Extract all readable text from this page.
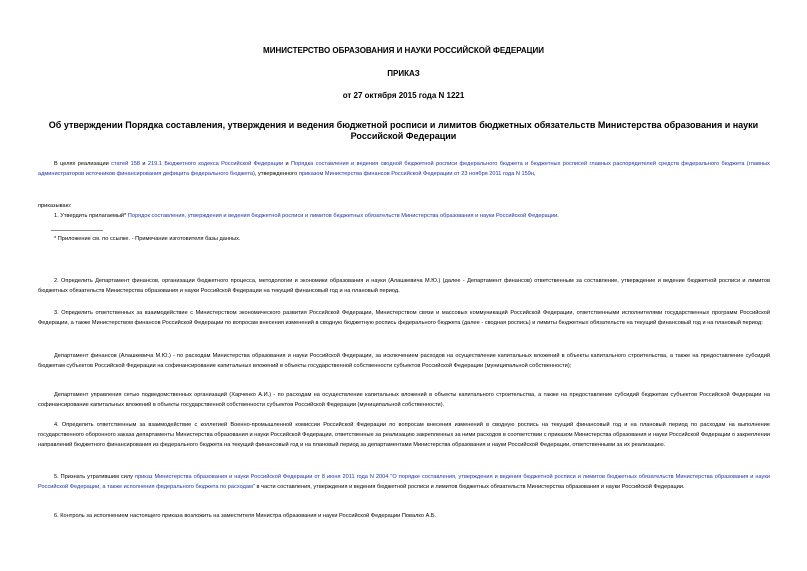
МИНИСТЕРСТВО ОБРАЗОВАНИЯ И НАУКИ РОССИЙСКОЙ ФЕДЕРАЦИИ
ПРИКАЗ
от 27 октября 2015 года N 1221
Об утверждении Порядка составления, утверждения и ведения бюджетной росписи и лимитов бюджетных обязательств Министерства образования и науки Российской Федерации
В целях реализации статей 158 и 219.1 Бюджетного кодекса Российской Федерации и Порядка составления и ведения сводной бюджетной росписи федерального бюджета и бюджетных росписей главных распорядителей средств федерального бюджета (главных администраторов источников финансирования дефицита федерального бюджета), утвержденного приказом Министерства финансов Российской Федерации от 23 ноября 2011 года N 159н,
приказываю:
1. Утвердить прилагаемый* Порядок составления, утверждения и ведения бюджетной росписи и лимитов бюджетных обязательств Министерства образования и науки Российской Федерации.
* Приложение см. по ссылке. - Примечание изготовителя базы данных.
2. Определить Департамент финансов, организации бюджетного процесса, методологии и экономики образования и науки (Алашкевича М.Ю.) (далее - Департамент финансов) ответственным за составление, утверждение и ведение бюджетной росписи и лимитов бюджетных обязательств Министерства образования и науки Российской Федерации на текущий финансовый год и на плановый период.
3. Определить ответственных за взаимодействие с Министерством экономического развития Российской Федерации, Министерством связи и массовых коммуникаций Российской Федерации, ответственными исполнителями государственных программ Российской Федерации, а также Министерством финансов Российской Федерации по вопросам внесения изменений в сводную бюджетную роспись федерального бюджета (далее - сводная роспись) и лимиты бюджетных обязательств на текущий финансовый год и на плановый период:
Департамент финансов (Алашкевича М.Ю.) - по расходам Министерства образования и науки Российской Федерации, за исключением расходов на осуществление капитальных вложений в объекты капитального строительства, а также на предоставление субсидий бюджетам субъектов Российской Федерации на софинансирование капитальных вложений в объекты государственной собственности субъектов Российской Федерации (муниципальной собственности);
Департамент управления сетью подведомственных организаций (Харченко А.И.) - по расходам на осуществление капитальных вложений в объекты капитального строительства, а также на предоставление субсидий бюджетам субъектов Российской Федерации на софинансирование капитальных вложений в объекты государственной собственности субъектов Российской Федерации (муниципальной собственности).
4. Определить ответственным за взаимодействие с коллегией Военно-промышленной комиссии Российской Федерации по вопросам внесения изменений в сводную роспись на текущий финансовый год и на плановый период по расходам на выполнение государственного оборонного заказа департаменты Министерства образования и науки Российской Федерации, ответственные за реализацию закрепленных за ними расходов в соответствии с приказом Министерства образования и науки Российской Федерации о закреплении направлений бюджетного финансирования из федерального бюджета на текущий финансовый год и на плановый период за департаментами Министерства образования и науки Российской Федерации, ответственными за их реализацию.
5. Признать утратившим силу приказ Министерства образования и науки Российской Федерации от 8 июня 2011 года N 2004 "О порядке составления, утверждения и ведения бюджетной росписи и лимитов бюджетных обязательств Министерства образования и науки Российской Федерации, а также исполнения федерального бюджета по расходам" в части составления, утверждения и ведения бюджетной росписи и лимитов бюджетных обязательств Министерства образования и науки Российской Федерации.
6. Контроль за исполнением настоящего приказа возложить на заместителя Министра образования и науки Российской Федерации Повалко А.Б.
